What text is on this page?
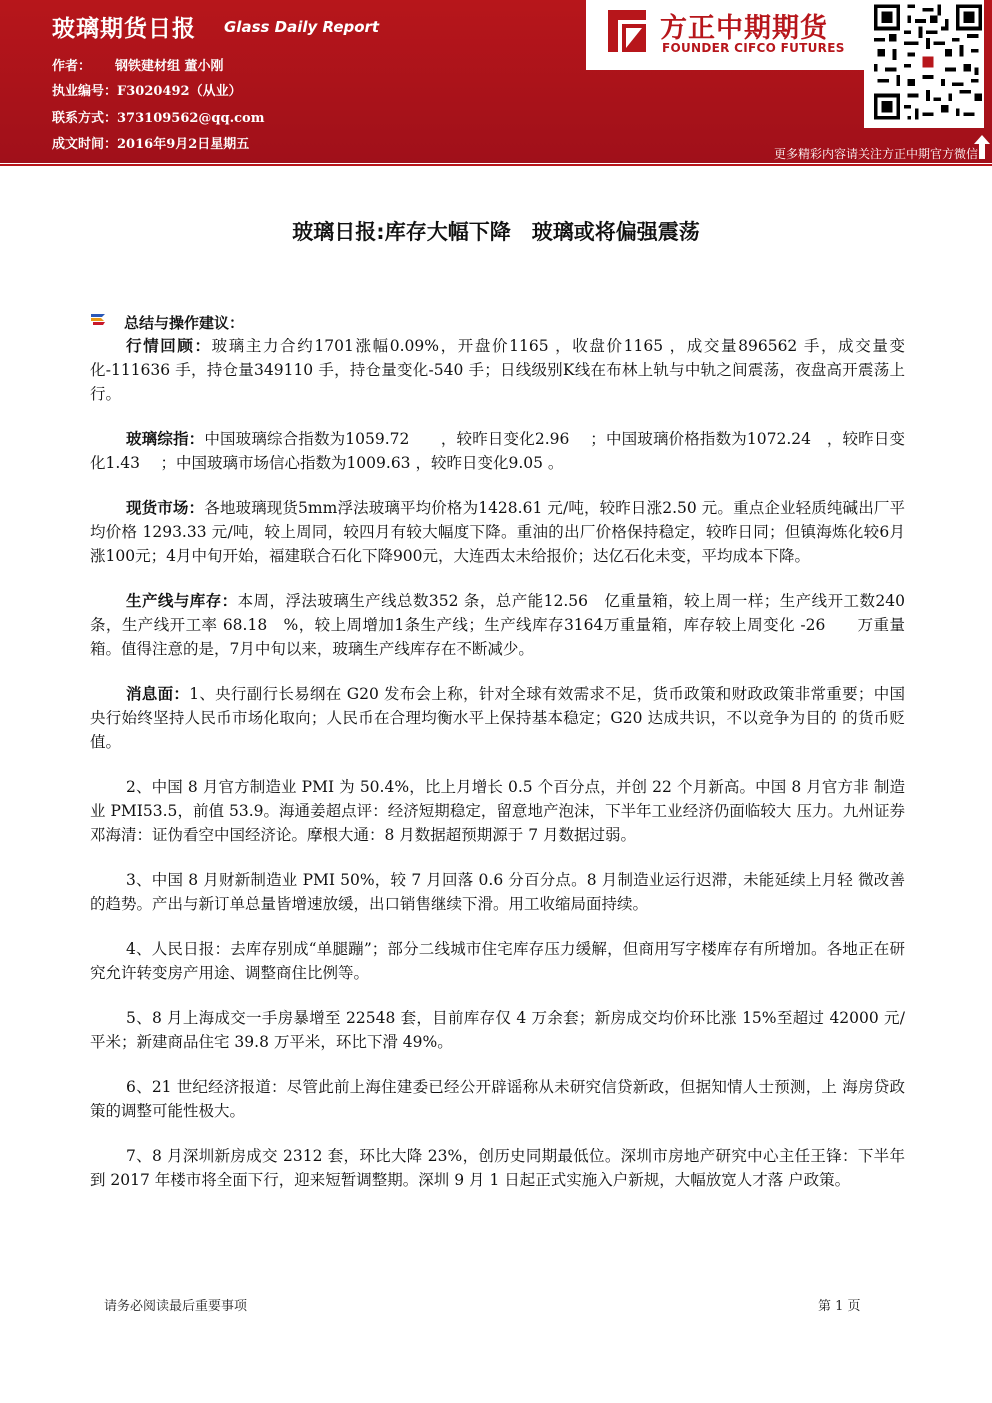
玻璃期货日报 Glass Daily Report
作者： 钢铁建材组 董小刚
执业编号：F3020492（从业）
联系方式：373109562@qq.com
成文时间：2016年9月2日星期五
方正中期期货
FOUNDER CIFCO FUTURES
更多精彩内容请关注方正中期官方微信
玻璃日报:库存大幅下降　玻璃或将偏强震荡
总结与操作建议：

行情回顾：玻璃主力合约1701涨幅0.09%，开盘价1165 ，收盘价1165 ，成交量896562 手，成交量变化-111636 手，持仓量349110 手，持仓量变化-540 手；日线级别K线在布林上轨与中轨之间震荡，夜盘高开震荡上行。

玻璃综指：中国玻璃综合指数为1059.72　　，较昨日变化2.96　 ；中国玻璃价格指数为1072.24　，较昨日变化1.43　 ；中国玻璃市场信心指数为1009.63 ，较昨日变化9.05 。

现货市场：各地玻璃现货5mm浮法玻璃平均价格为1428.61 元/吨，较昨日涨2.50 元。重点企业轻质纯碱出厂平均价格 1293.33 元/吨，较上周同，较四月有较大幅度下降。重油的出厂价格保持稳定，较昨日同；但镇海炼化较6月涨100元；4月中旬开始，福建联合石化下降900元，大连西太未给报价；达亿石化未变，平均成本下降。

生产线与库存：本周，浮法玻璃生产线总数352 条，总产能12.56　亿重量箱，较上周一样；生产线开工数240　条，生产线开工率 68.18　%，较上周增加1条生产线；生产线库存3164万重量箱，库存较上周变化 -26　　万重量箱。值得注意的是，7月中旬以来，玻璃生产线库存在不断减少。

消息面：1、央行副行长易纲在 G20 发布会上称，针对全球有效需求不足，货币政策和财政政策非常重要；中国 央行始终坚持人民币市场化取向；人民币在合理均衡水平上保持基本稳定；G20 达成共识，不以竞争为目的 的货币贬值。

2、中国 8 月官方制造业 PMI 为 50.4%，比上月增长 0.5 个百分点，并创 22 个月新高。中国 8 月官方非 制造业 PMI53.5，前值 53.9。海通姜超点评：经济短期稳定，留意地产泡沫，下半年工业经济仍面临较大 压力。九州证券邓海清：证伪看空中国经济论。摩根大通：8 月数据超预期源于 7 月数据过弱。

3、中国 8 月财新制造业 PMI 50%，较 7 月回落 0.6 分百分点。8 月制造业运行迟滞，未能延续上月轻 微改善的趋势。产出与新订单总量皆增速放缓，出口销售继续下滑。用工收缩局面持续。

4、人民日报：去库存别成“单腿蹦”；部分二线城市住宅库存压力缓解，但商用写字楼库存有所增加。各地正在研究允许转变房产用途、调整商住比例等。

5、8 月上海成交一手房暴增至 22548 套，目前库存仅 4 万余套；新房成交均价环比涨 15%至超过 42000 元/平米；新建商品住宅 39.8 万平米，环比下滑 49%。

6、21 世纪经济报道：尽管此前上海住建委已经公开辟谣称从未研究信贷新政，但据知情人士预测，上 海房贷政策的调整可能性极大。

7、8 月深圳新房成交 2312 套，环比大降 23%，创历史同期最低位。深圳市房地产研究中心主任王锋：下半年到 2017 年楼市将全面下行，迎来短暂调整期。深圳 9 月 1 日起正式实施入户新规，大幅放宽人才落 户政策。

请务必阅读最后重要事项	第 1 页
